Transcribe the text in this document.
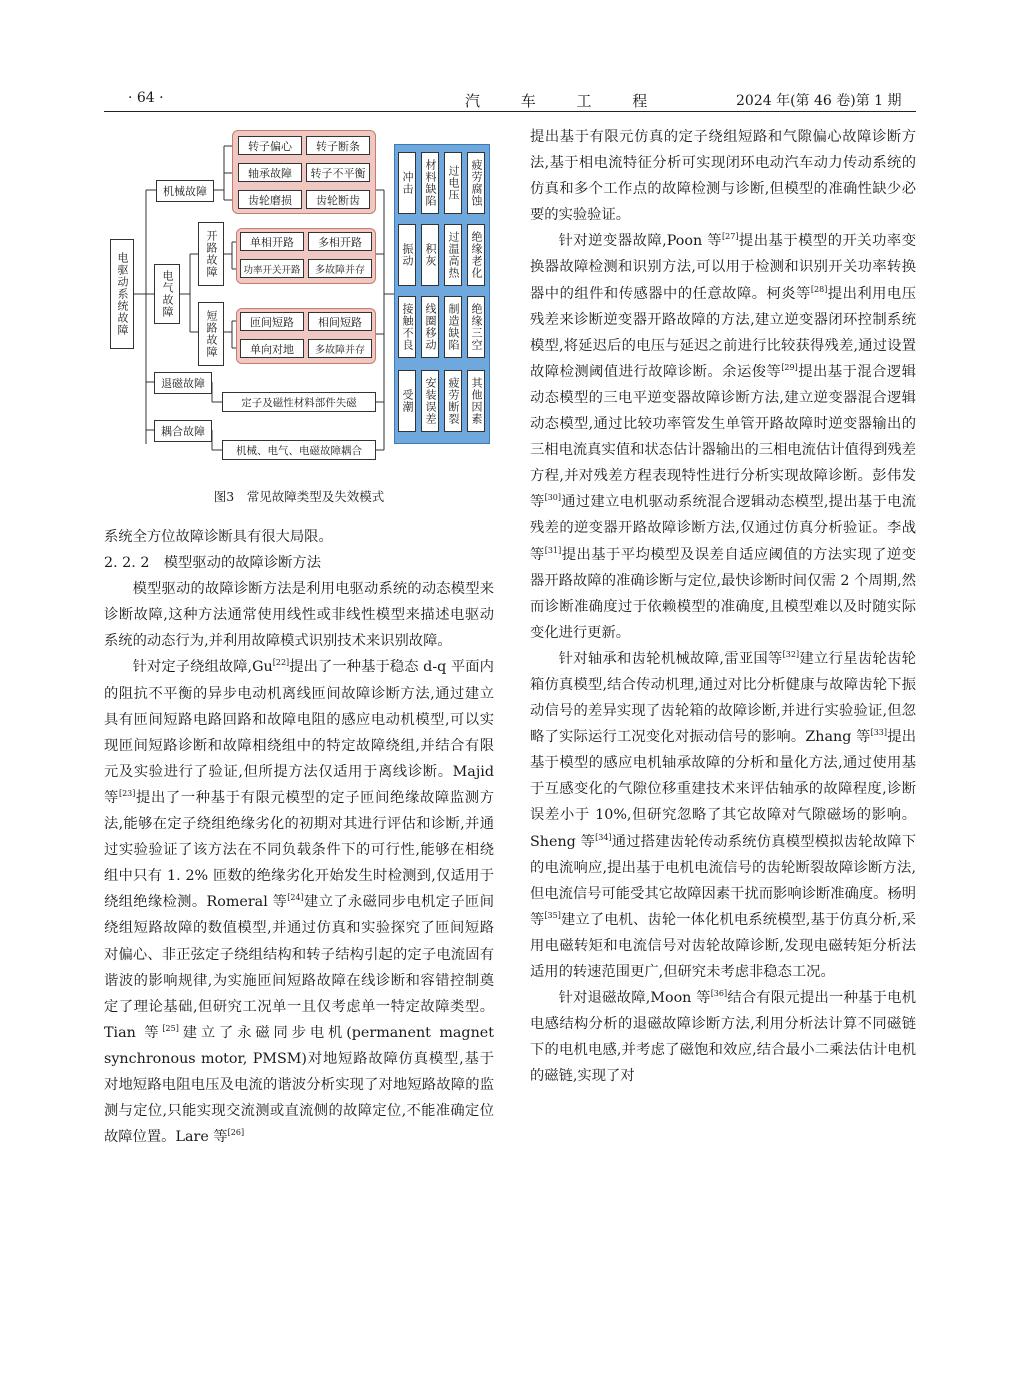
· 64 ·	汽 车 工 程	2024 年(第 46 卷)第 1 期
电驱动系统故障
机械故障
转子偏心	转子断条
轴承故障	转子不平衡
齿轮磨损	齿轮断齿
电气故障
开路故障	单相开路	多相开路
功率开关开路	多故障并存
短路故障	匝间短路	相间短路
单向对地	多故障并存
退磁故障
定子及磁性材料部件失磁
耦合故障
机械、电气、电磁故障耦合
冲击 材料缺陷 过电压 疲劳腐蚀
振动 积灰 过温高热 绝缘老化
接触不良 线圈移动 制造缺陷 绝缘三空
受潮 安装误差 疲劳断裂 其他因素
图3　 常见故障类型及失效模式

系统全方位故障诊断具有很大局限。

2. 2. 2　模型驱动的故障诊断方法

模型驱动的故障诊断方法是利用电驱动系统的动态模型来诊断故障,这种方法通常使用线性或非线性模型来描述电驱动系统的动态行为,并利用故障模式识别技术来识别故障。

针对定子绕组故障,Gu[22]提出了一种基于稳态 d-q 平面内的阻抗不平衡的异步电动机离线匝间故障诊断方法,通过建立具有匝间短路电路回路和故障电阻的感应电动机模型,可以实现匝间短路诊断和故障相绕组中的特定故障绕组,并结合有限元及实验进行了验证,但所提方法仅适用于离线诊断。Majid 等[23]提出了一种基于有限元模型的定子匝间绝缘故障监测方法,能够在定子绕组绝缘劣化的初期对其进行评估和诊断,并通过实验验证了该方法在不同负载条件下的可行性,能够在相绕组中只有 1. 2% 匝数的绝缘劣化开始发生时检测到,仅适用于绕组绝缘检测。Romeral 等[24]建立了永磁同步电机定子匝间绕组短路故障的数值模型,并通过仿真和实验探究了匝间短路对偏心、非正弦定子绕组结构和转子结构引起的定子电流固有谐波的影响规律,为实施匝间短路故障在线诊断和容错控制奠定了理论基础,但研究工况单一且仅考虑单一特定故障类型。Tian 等[25]建立了永磁同步电机(permanent magnet synchronous motor, PMSM)对地短路故障仿真模型,基于对地短路电阻电压及电流的谐波分析实现了对地短路故障的监测与定位,只能实现交流测或直流侧的故障定位,不能准确定位故障位置。Lare 等[26]

提出基于有限元仿真的定子绕组短路和气隙偏心故障诊断方法,基于相电流特征分析可实现闭环电动汽车动力传动系统的仿真和多个工作点的故障检测与诊断,但模型的准确性缺少必要的实验验证。

针对逆变器故障,Poon 等[27]提出基于模型的开关功率变换器故障检测和识别方法,可以用于检测和识别开关功率转换器中的组件和传感器中的任意故障。柯炎等[28]提出利用电压残差来诊断逆变器开路故障的方法,建立逆变器闭环控制系统模型,将延迟后的电压与延迟之前进行比较获得残差,通过设置故障检测阈值进行故障诊断。余运俊等[29]提出基于混合逻辑动态模型的三电平逆变器故障诊断方法,建立逆变器混合逻辑动态模型,通过比较功率管发生单管开路故障时逆变器输出的三相电流真实值和状态估计器输出的三相电流估计值得到残差方程,并对残差方程表现特性进行分析实现故障诊断。彭伟发等[30]通过建立电机驱动系统混合逻辑动态模型,提出基于电流残差的逆变器开路故障诊断方法,仅通过仿真分析验证。李战等[31]提出基于平均模型及误差自适应阈值的方法实现了逆变器开路故障的准确诊断与定位,最快诊断时间仅需 2 个周期,然而诊断准确度过于依赖模型的准确度,且模型难以及时随实际变化进行更新。

针对轴承和齿轮机械故障,雷亚国等[32]建立行星齿轮齿轮箱仿真模型,结合传动机理,通过对比分析健康与故障齿轮下振动信号的差异实现了齿轮箱的故障诊断,并进行实验验证,但忽略了实际运行工况变化对振动信号的影响。Zhang 等[33]提出基于模型的感应电机轴承故障的分析和量化方法,通过使用基于互感变化的气隙位移重建技术来评估轴承的故障程度,诊断误差小于 10%,但研究忽略了其它故障对气隙磁场的影响。Sheng 等[34]通过搭建齿轮传动系统仿真模型模拟齿轮故障下的电流响应,提出基于电机电流信号的齿轮断裂故障诊断方法,但电流信号可能受其它故障因素干扰而影响诊断准确度。杨明等[35]建立了电机、齿轮一体化机电系统模型,基于仿真分析,采用电磁转矩和电流信号对齿轮故障诊断,发现电磁转矩分析法适用的转速范围更广,但研究未考虑非稳态工况。

针对退磁故障,Moon 等[36]结合有限元提出一种基于电机电感结构分析的退磁故障诊断方法,利用分析法计算不同磁链下的电机电感,并考虑了磁饱和效应,结合最小二乘法估计电机的磁链,实现了对
